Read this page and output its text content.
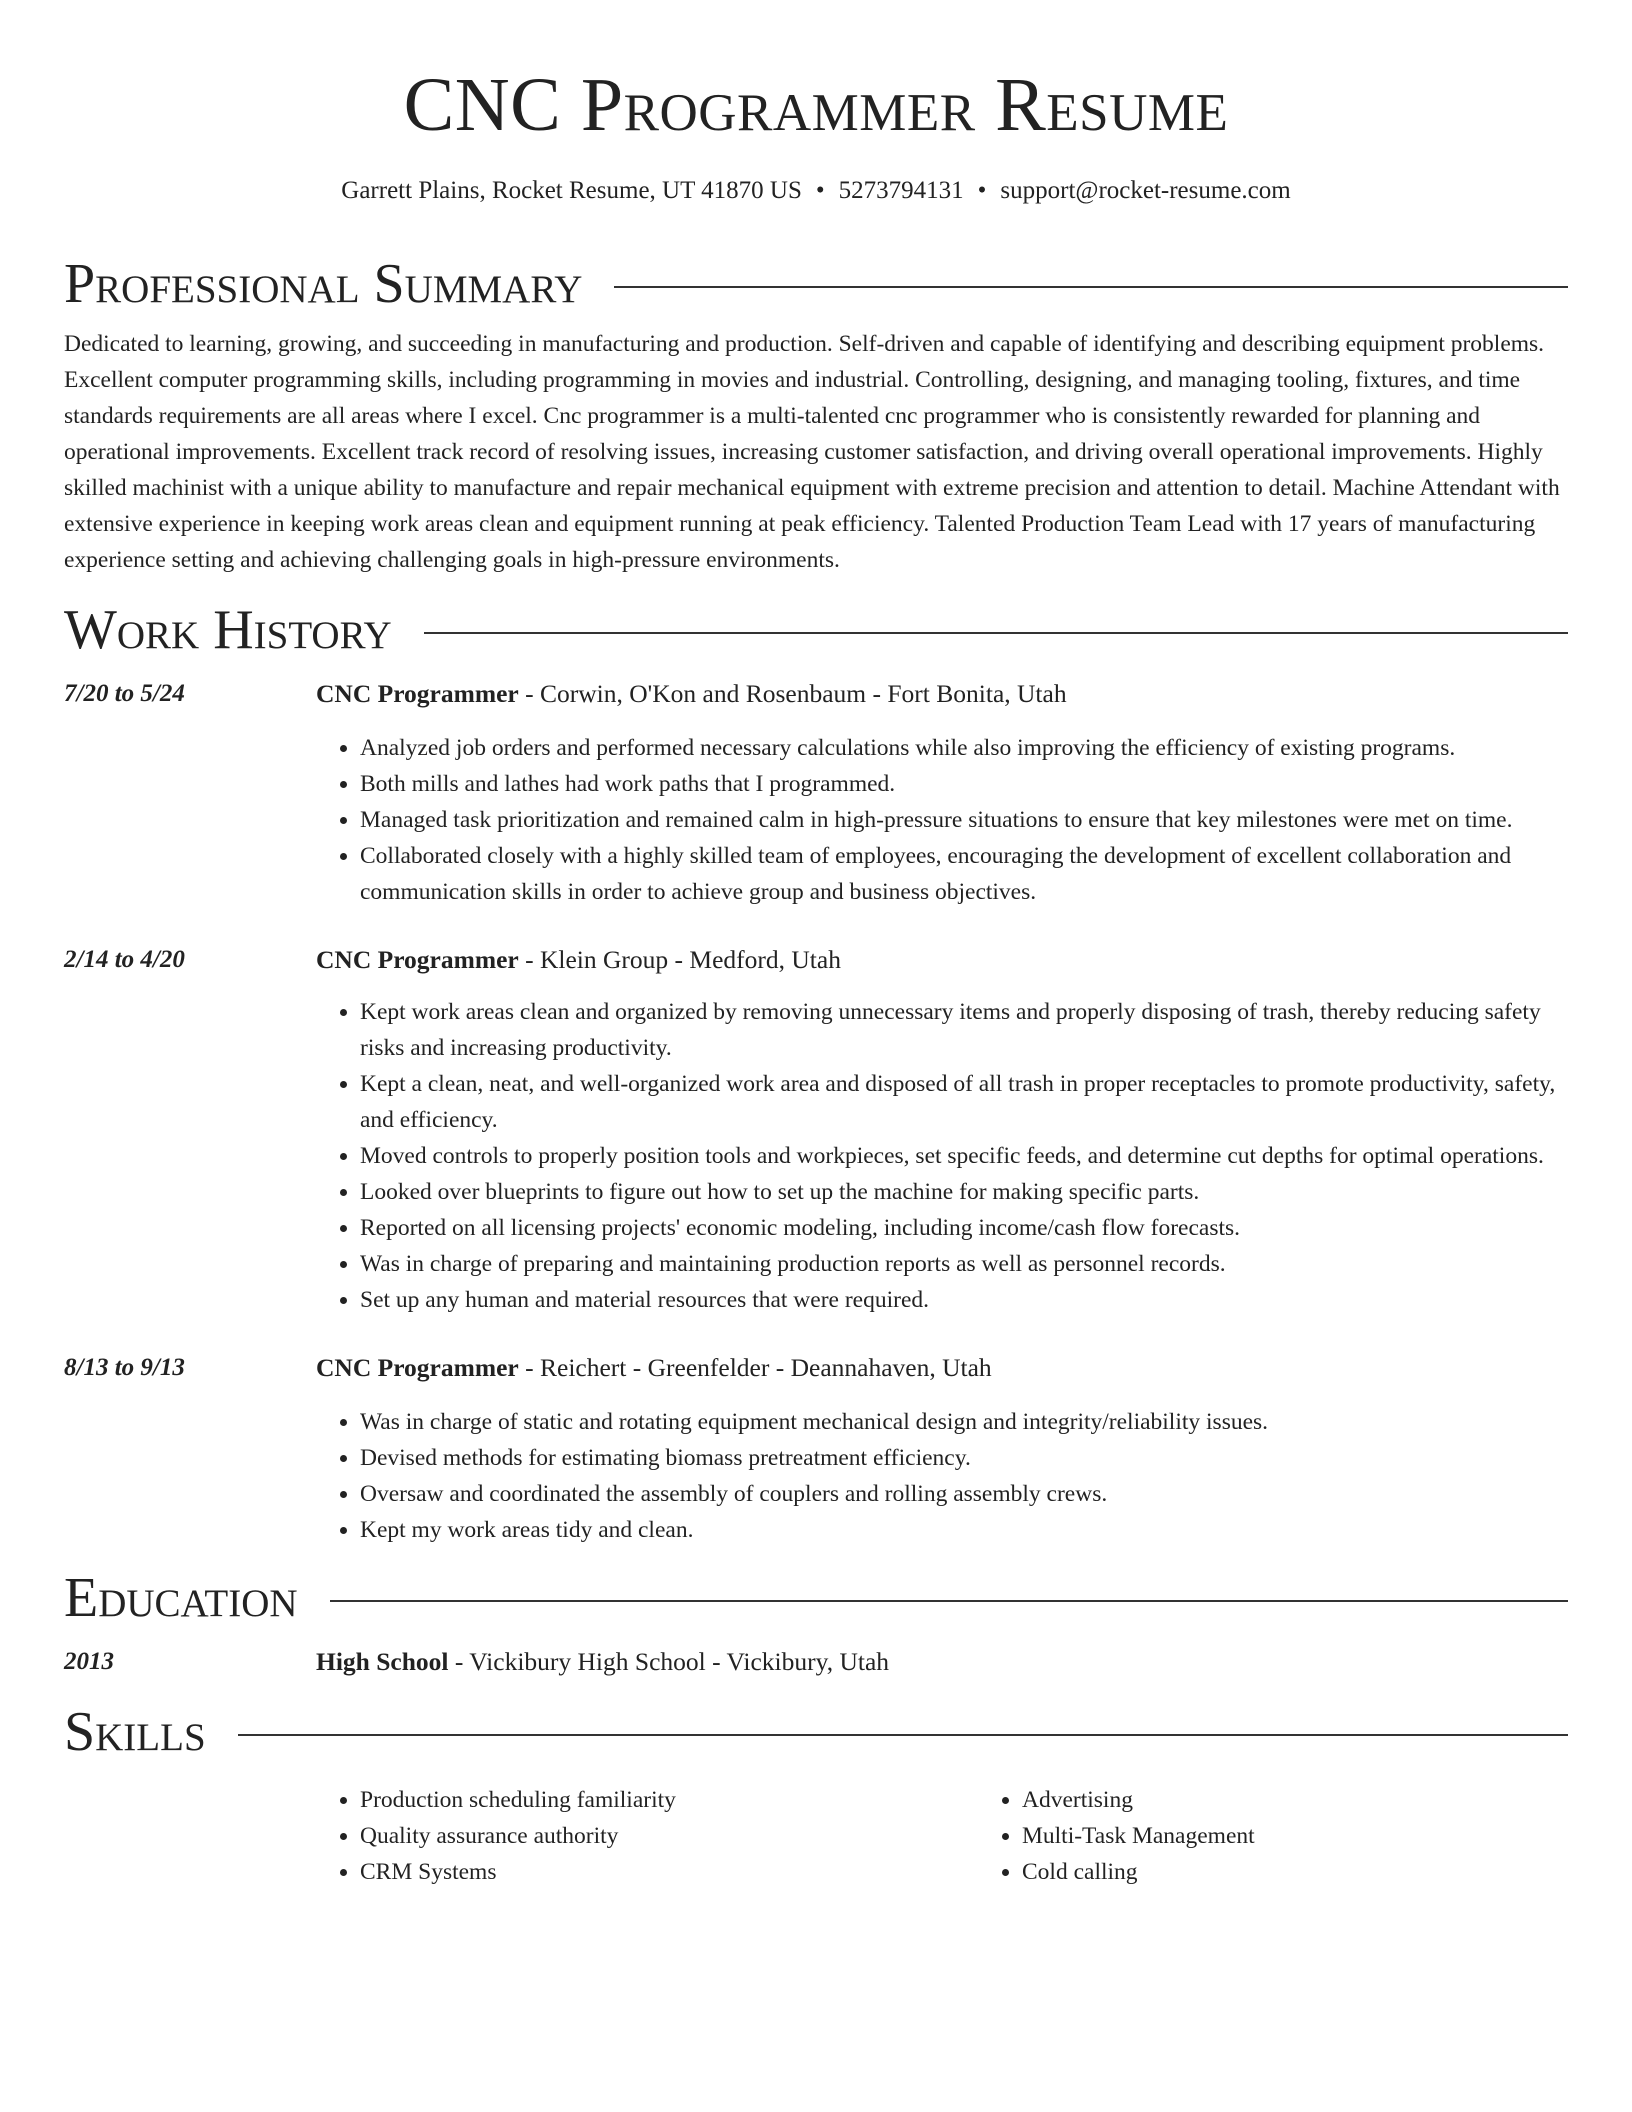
CNC Programmer Resume
Garrett Plains, Rocket Resume, UT 41870 US • 5273794131 • support@rocket-resume.com
Professional Summary

Dedicated to learning, growing, and succeeding in manufacturing and production. Self-driven and capable of identifying and describing equipment problems. Excellent computer programming skills, including programming in movies and industrial. Controlling, designing, and managing tooling, fixtures, and time standards requirements are all areas where I excel. Cnc programmer is a multi-talented cnc programmer who is consistently rewarded for planning and operational improvements. Excellent track record of resolving issues, increasing customer satisfaction, and driving overall operational improvements. Highly skilled machinist with a unique ability to manufacture and repair mechanical equipment with extreme precision and attention to detail. Machine Attendant with extensive experience in keeping work areas clean and equipment running at peak efficiency. Talented Production Team Lead with 17 years of manufacturing experience setting and achieving challenging goals in high-pressure environments.

Work History
7/20 to 5/24	CNC Programmer - Corwin, O'Kon and Rosenbaum - Fort Bonita, Utah
• Analyzed job orders and performed necessary calculations while also improving the efficiency of existing programs.
• Both mills and lathes had work paths that I programmed.
• Managed task prioritization and remained calm in high-pressure situations to ensure that key milestones were met on time.
• Collaborated closely with a highly skilled team of employees, encouraging the development of excellent collaboration and communication skills in order to achieve group and business objectives.
2/14 to 4/20	CNC Programmer - Klein Group - Medford, Utah
• Kept work areas clean and organized by removing unnecessary items and properly disposing of trash, thereby reducing safety risks and increasing productivity.
• Kept a clean, neat, and well-organized work area and disposed of all trash in proper receptacles to promote productivity, safety, and efficiency.
• Moved controls to properly position tools and workpieces, set specific feeds, and determine cut depths for optimal operations.
• Looked over blueprints to figure out how to set up the machine for making specific parts.
• Reported on all licensing projects' economic modeling, including income/cash flow forecasts.
• Was in charge of preparing and maintaining production reports as well as personnel records.
• Set up any human and material resources that were required.
8/13 to 9/13	CNC Programmer - Reichert - Greenfelder - Deannahaven, Utah
• Was in charge of static and rotating equipment mechanical design and integrity/reliability issues.
• Devised methods for estimating biomass pretreatment efficiency.
• Oversaw and coordinated the assembly of couplers and rolling assembly crews.
• Kept my work areas tidy and clean.
Education
2013	High School - Vickibury High School - Vickibury, Utah
Skills
• Production scheduling familiarity
• Quality assurance authority
• CRM Systems
• Advertising
• Multi-Task Management
• Cold calling
